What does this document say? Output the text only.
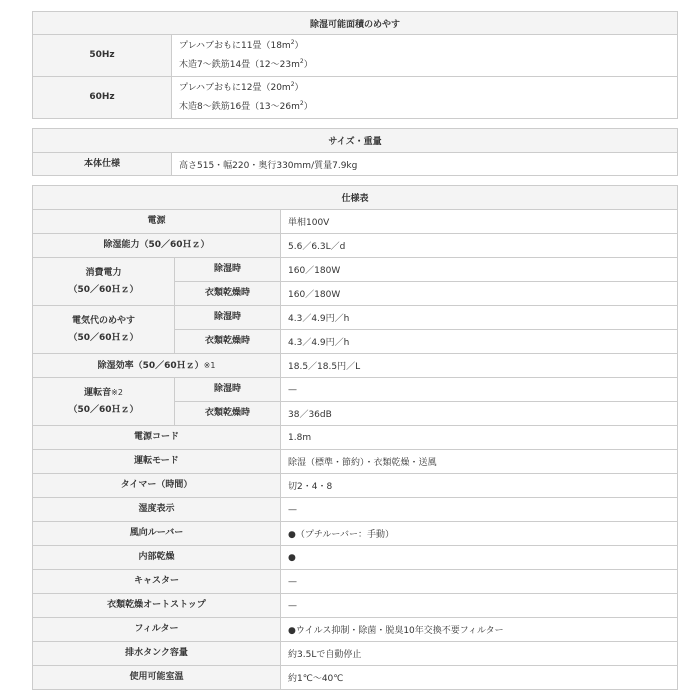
除湿可能面積のめやす	
50Hz	プレハブおもに11畳$(18m^2)$
木造7〜鉄筋14畳（12〜$23m^2$）

60Hz	プレハブおもに12畳$(20m^2)$
木造8〜鉄筋16畳（13〜$26m^2$）
サイズ・重量
本体仕様	高さ515・幅220・奥行330mm/質量7.9kg
仕様表		
電源		単相100V
除湿能力（50／60Ｈｚ）		5.6／6.3L／d

消費電力
（50／60Ｈｚ）	除湿時	160／180W
	衣類乾燥時	160／180W

電気代のめやす
（50／60Ｈｚ）	除湿時	4.3／4.9円／h
	衣類乾燥時	4.3／4.9円／h
除湿効率（50／60Ｈｚ）※1		18.5／18.5円／L

運転音※2
（50／60Ｈｚ）	除湿時	—
	衣類乾燥時	38／36dB
電源コード		1.8m
運転モード		除湿（標準・節約）・衣類乾燥・送風
タイマー（時間）		切2・4・8
湿度表示		—
風向ルーバー		●（プチルーバー：手動）
内部乾燥		●
キャスター		—
衣類乾燥オートストップ		—
フィルター		●ウイルス抑制・除菌・脱臭10年交換不要フィルター
排水タンク容量		約3.5Lで自動停止
使用可能室温		約1℃〜40℃
